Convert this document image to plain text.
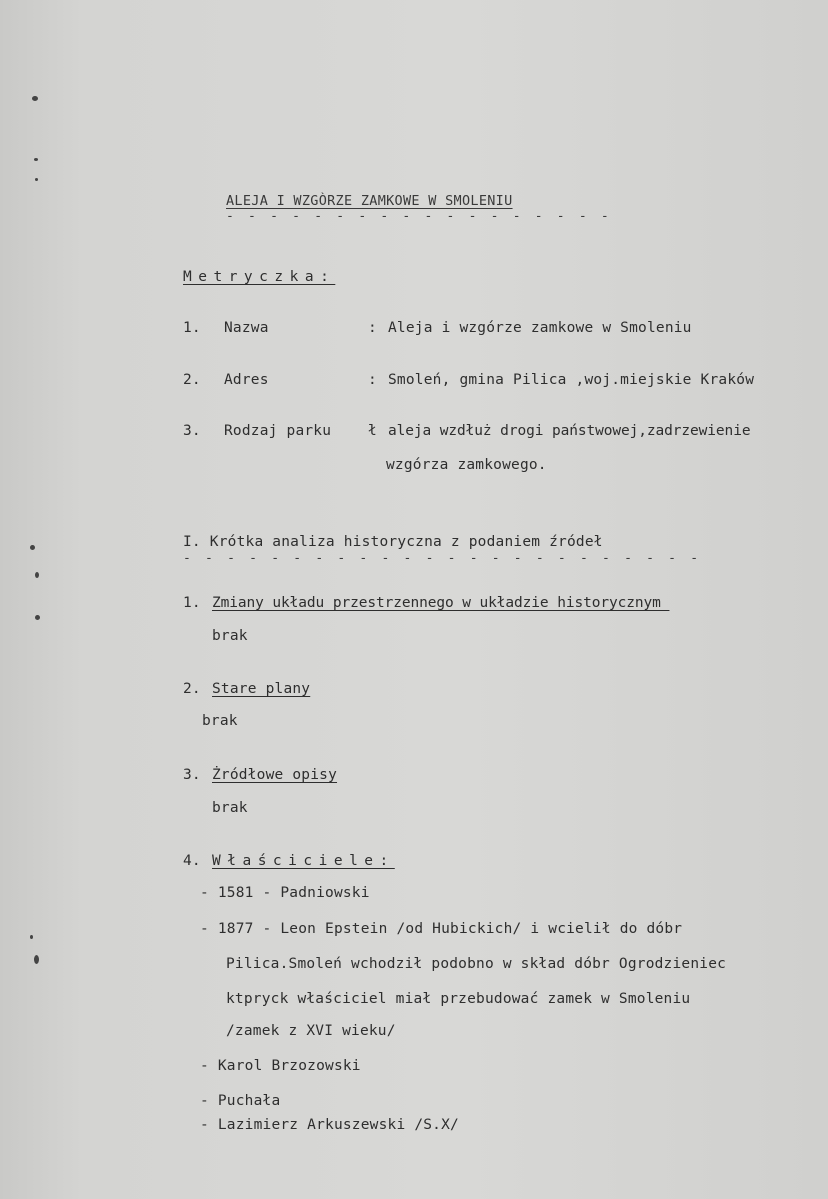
ALEJA I WZGÒRZE ZAMKOWE W SMOLENIU
- - - - - - - - - - - - - - - - - -
Metryczka:
1. Nazwa	: Aleja i wzgórze zamkowe w Smoleniu
2. Adres	: Smoleń, gmina Pilica ,woj.miejskie Kraków
3. Rodzaj parku	ł aleja wzdłuż drogi państwowej,zadrzewienie
wzgórza zamkowego.
I. Krótka analiza historyczna z podaniem źródeł
- - - - - - - - - - - - - - - - - - - - - - - -
1. Zmiany_układu przestrzennego_w_układzie historycznym_
brak
2. Stare plany
brak
3. Żródłowe_opisy
brak
4. Właściciele:
- 1581 - Padniowski
- 1877 - Leon Epstein /od Hubickich/ i wcielił do dóbr
Pilica.Smoleń wchodził podobno w skład dóbr Ogrodzieniec
ktpryck właściciel miał przebudować zamek w Smoleniu
/zamek z XVI wieku/
- Karol Brzozowski
- Puchała
- Lazimierz Arkuszewski /S.X/
